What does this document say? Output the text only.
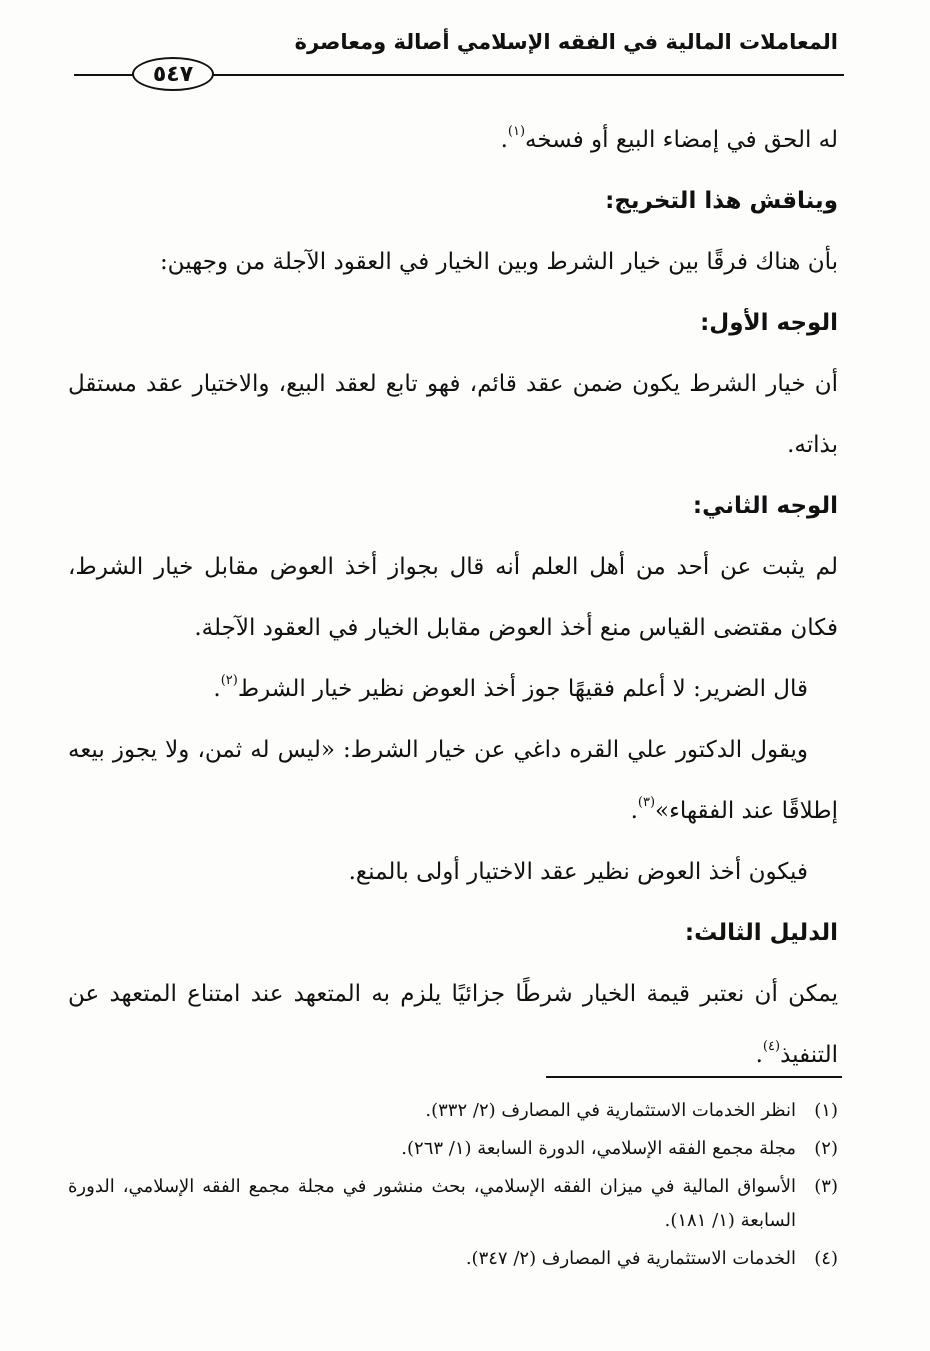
المعاملات المالية في الفقه الإسلامي أصالة ومعاصرة
٥٤٧

له الحق في إمضاء البيع أو فسخه$^{(١)}$.

ويناقش هذا التخريج:

بأن هناك فرقًا بين خيار الشرط وبين الخيار في العقود الآجلة من وجهين:

الوجه الأول:

أن خيار الشرط يكون ضمن عقد قائم، فهو تابع لعقد البيع، والاختيار عقد مستقل بذاته.

الوجه الثاني:

لم يثبت عن أحد من أهل العلم أنه قال بجواز أخذ العوض مقابل خيار الشرط، فكان مقتضى القياس منع أخذ العوض مقابل الخيار في العقود الآجلة.

قال الضرير: لا أعلم فقيهًا جوز أخذ العوض نظير خيار الشرط$^{(٢)}$.

ويقول الدكتور علي القره داغي عن خيار الشرط: «ليس له ثمن، ولا يجوز بيعه إطلاقًا عند الفقهاء»$^{(٣)}$.

فيكون أخذ العوض نظير عقد الاختيار أولى بالمنع.

الدليل الثالث:

يمكن أن نعتبر قيمة الخيار شرطًا جزائيًا يلزم به المتعهد عند امتناع المتعهد عن التنفيذ$^{(٤)}$.

(١)
انظر الخدمات الاستثمارية في المصارف (٢/ ٣٣٢).
(٢)
مجلة مجمع الفقه الإسلامي، الدورة السابعة (١/ ٢٦٣).
(٣)
الأسواق المالية في ميزان الفقه الإسلامي، بحث منشور في مجلة مجمع الفقه الإسلامي، الدورة السابعة (١/ ١٨١).
(٤)
الخدمات الاستثمارية في المصارف (٢/ ٣٤٧).
